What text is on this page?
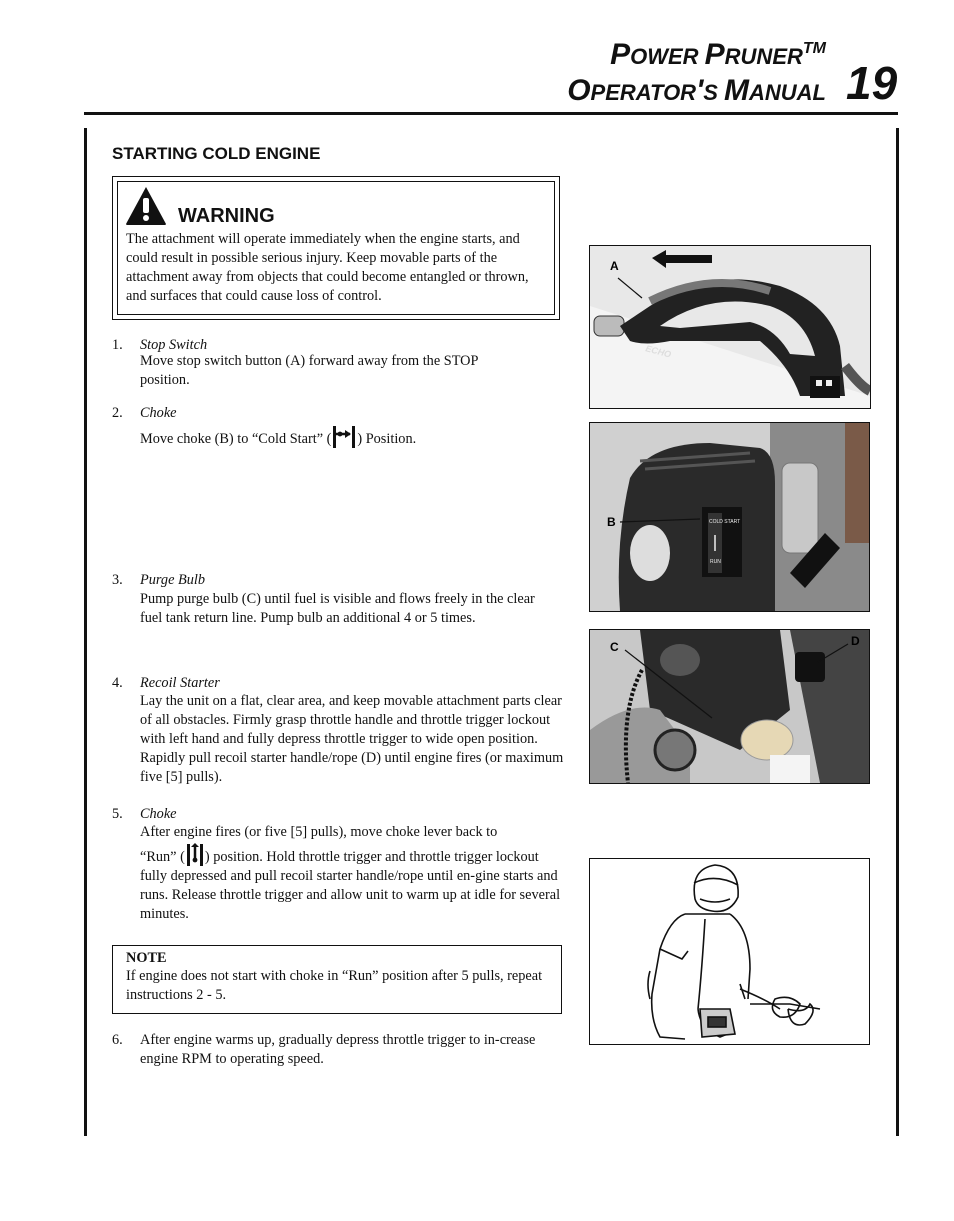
POWER PRUNER™
OPERATOR'S MANUAL 19
STARTING COLD ENGINE
WARNING
The attachment will operate immediately when the engine starts, and could result in possible serious injury. Keep movable parts of the attachment away from objects that could become entangled or thrown, and surfaces that could cause loss of control.
1. Stop Switch
Move stop switch button (A) forward away from the STOP position.
2. Choke
Move choke (B) to “Cold Start” ( ) Position.
3. Purge Bulb
Pump purge bulb (C) until fuel is visible and flows freely in the clear fuel tank return line. Pump bulb an additional 4 or 5 times.
4. Recoil Starter
Lay the unit on a flat, clear area, and keep movable attachment parts clear of all obstacles. Firmly grasp throttle handle and throttle trigger lockout with left hand and fully depress throttle trigger to wide open position. Rapidly pull recoil starter handle/rope (D) until engine fires (or maximum five [5] pulls).
5. Choke
After engine fires (or five [5] pulls), move choke lever back to
“Run” ( ) position. Hold throttle trigger and throttle trigger lockout fully depressed and pull recoil starter handle/rope until en-gine starts and runs. Release throttle trigger and allow unit to warm up at idle for several minutes.
NOTE
If engine does not start with choke in “Run” position after 5 pulls, repeat instructions 2 - 5.
6. After engine warms up, gradually depress throttle trigger to in-crease engine RPM to operating speed.
ECHO
A
COLD START
RUN
B
C	D
